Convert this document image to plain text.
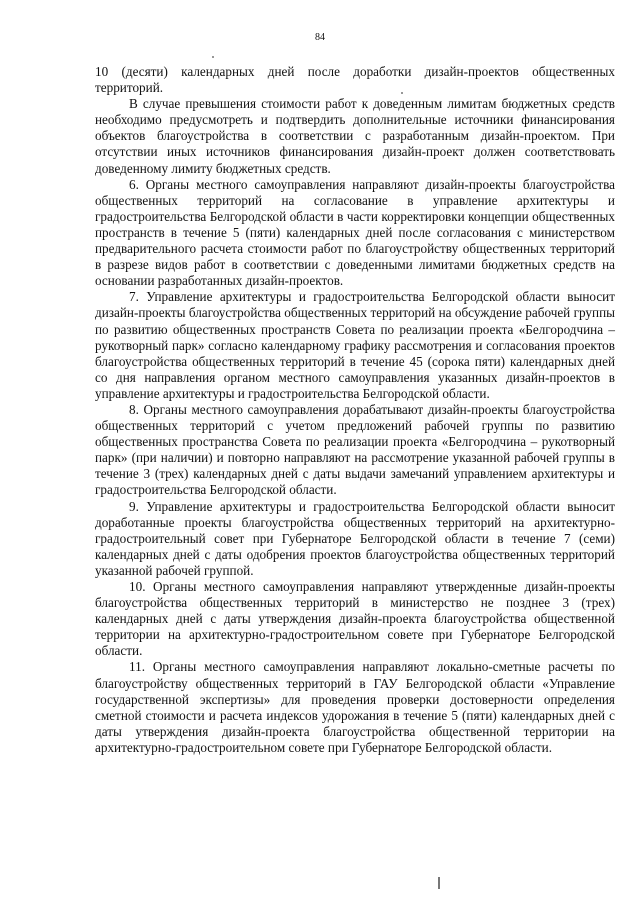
84

10 (десяти) календарных дней после доработки дизайн-проектов общественных территорий.

В случае превышения стоимости работ к доведенным лимитам бюджетных средств необходимо предусмотреть и подтвердить дополнительные источники финансирования объектов благоустройства в соответствии с разработанным дизайн-проектом. При отсутствии иных источников финансирования дизайн-проект должен соответствовать доведенному лимиту бюджетных средств.

6. Органы местного самоуправления направляют дизайн-проекты благоустройства общественных территорий на согласование в управление архитектуры и градостроительства Белгородской области в части корректировки концепции общественных пространств в течение 5 (пяти) календарных дней после согласования с министерством предварительного расчета стоимости работ по благоустройству общественных территорий в разрезе видов работ в соответствии с доведенными лимитами бюджетных средств на основании разработанных дизайн-проектов.

7. Управление архитектуры и градостроительства Белгородской области выносит дизайн-проекты благоустройства общественных территорий на обсуждение рабочей группы по развитию общественных пространств Совета по реализации проекта «Белгородчина – рукотворный парк» согласно календарному графику рассмотрения и согласования проектов благоустройства общественных территорий в течение 45 (сорока пяти) календарных дней со дня направления органом местного самоуправления указанных дизайн-проектов в управление архитектуры и градостроительства Белгородской области.

8. Органы местного самоуправления дорабатывают дизайн-проекты благоустройства общественных территорий с учетом предложений рабочей группы по развитию общественных пространства Совета по реализации проекта «Белгородчина – рукотворный парк» (при наличии) и повторно направляют на рассмотрение указанной рабочей группы в течение 3 (трех) календарных дней с даты выдачи замечаний управлением архитектуры и градостроительства Белгородской области.

9. Управление архитектуры и градостроительства Белгородской области выносит доработанные проекты благоустройства общественных территорий на архитектурно-градостроительный совет при Губернаторе Белгородской области в течение 7 (семи) календарных дней с даты одобрения проектов благоустройства общественных территорий указанной рабочей группой.

10. Органы местного самоуправления направляют утвержденные дизайн-проекты благоустройства общественных территорий в министерство не позднее 3 (трех) календарных дней с даты утверждения дизайн-проекта благоустройства общественной территории на архитектурно-градостроительном совете при Губернаторе Белгородской области.

11. Органы местного самоуправления направляют локально-сметные расчеты по благоустройству общественных территорий в ГАУ Белгородской области «Управление государственной экспертизы» для проведения проверки достоверности определения сметной стоимости и расчета индексов удорожания в течение 5 (пяти) календарных дней с даты утверждения дизайн-проекта благоустройства общественной территории на архитектурно-градостроительном совете при Губернаторе Белгородской области.
